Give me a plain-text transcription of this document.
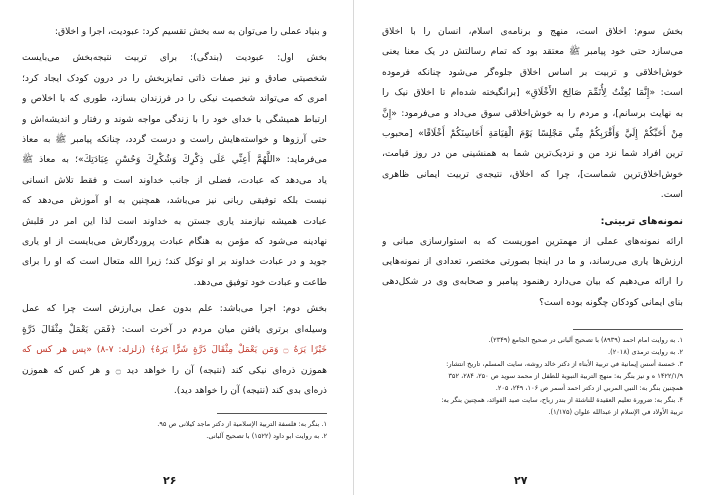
و بنیاد عملی را می‌توان به سه بخش تقسیم کرد: عبودیت، اجرا و اخلاق:
بخش اول: عبودیت (بندگی): برای تربیت نتیجه‌بخش می‌بایست
شخصیتی صادق و نیز صفات ذاتی تمایزبخش را در درون کودک ایجاد کرد؛
امری که می‌تواند شخصیت نیکی را در فرزندان بسازد، طوری که با اخلاص و
ارتباط همیشگی با خدای خود را با زندگی مواجه شوند و رفتار و اندیشه‌اش و
حتی آرزوها و خواسته‌هایش راست و درست گردد، چنانکه پیامبر ﷺ به معاذ
می‌فرماید: «اللَّهُمَّ أَعِنِّي عَلَى ذِكْرِكَ وَشُكْرِكَ وَحُسْنِ عِبَادَتِكَ»؛ به معاذ ﷺ
یاد می‌دهد که عبادت، فضلی از جانب خداوند است و فقط تلاش انسانی
نیست بلکه توفیقی ربانی نیز می‌باشد، همچنین به او آموزش می‌دهد که
عبادت همیشه نیازمند یاری جستن به خداوند است لذا این امر در قلبش
نهادینه می‌شود که مؤمن به هنگام عبادت پروردگارش می‌بایست از او یاری
جوید و در عبادت خداوند بر او توکل کند؛ زیرا الله متعال است که او را برای
طاعت و عبادت خود توفیق می‌دهد.
بخش دوم: اجرا می‌باشد: علم بدون عمل بی‌ارزش است چرا که عمل
وسیله‌ای برتری یافتن میان مردم در آخرت است: ﴿فَمَن يَعْمَلْ مِثْقَالَ ذَرَّةٍ
خَيْرًا يَرَهُ ۝ وَمَن يَعْمَلْ مِثْقَالَ ذَرَّةٍ شَرًّا يَرَهُ﴾ (زلزله: ۷-۸) «پس هر کس که
هموزن ذره‌ای نیکی کند (نتیجه) آن را خواهد دید ۝ و هر کس که هموزن
ذره‌ای بدی کند (نتیجه) آن را خواهد دید).
۱. بنگر به: فلسفة التربية الإسلامية از دکتر ماجد کیلانی ص ۹۵.
۲. به روایت ابو داود (۱۵۲۲) با تصحیح آلبانی.
۲۶
بخش سوم: اخلاق است، منهج و برنامه‌ی اسلام، انسان را با اخلاق
می‌سازد حتی خود پیامبر ﷺ معتقد بود که تمام رسالتش در یک معنا یعنی
خوش‌اخلاقی و تربیت بر اساس اخلاق جلوه‌گر می‌شود چنانکه فرموده
است: «إِنَّمَا بُعِثْتُ لِأُتَمِّمَ صَالِحَ الأَخْلَاقِ» [برانگیخته شده‌ام تا اخلاق نیک را
به نهایت برسانم]، و مردم را به خوش‌اخلاقی سوق می‌داد و می‌فرمود: «إِنَّ
مِنْ أَحَبِّكُمْ إِلَيَّ وَأَقْرَبِكُمْ مِنِّي مَجْلِسًا يَوْمَ الْقِيَامَةِ أَحَاسِنَكُمْ أَخْلَاقًا» [محبوب
ترین افراد شما نزد من و نزدیک‌ترین شما به همنشینی من در روز قیامت،
خوش‌اخلاق‌ترین شماست]، چرا که اخلاق، نتیجه‌ی تربیت ایمانی ظاهری
است.
نمونه‌های تربیتی:
ارائه نمونه‌های عملی از مهمترین اموریست که به استوارسازی مبانی و
ارزش‌ها یاری می‌رساند، و ما در اینجا بصورتی مختصر، تعدادی از نمونه‌هایی
را ارائه می‌دهیم که بیان می‌دارد رهنمود پیامبر و صحابه‌ی وی در شکل‌دهی
بنای ایمانی کودکان چگونه بوده است؟
۱. به روایت امام احمد (۸۹۳۹) با تصحیح آلبانی در صحیح الجامع (۲۳۴۹).
۲. به روایت ترمذی (۲۰۱۸).
۳. خمسة أسس إيمانية في تربية الأبناء از دکتر خالد روشه، سایت المسلم، تاریخ انتشار:
۱۴۲۲/۱/۹ ه و نیز بنگر به: منهج التربية النبوية للطفل از محمد سوید ص ۲۵۰، ۲۸۴، ۳۵۲
همچنین بنگر به: النبي المربي از دکتر احمد أسمر ص ۱۰۶، ۲۴۹، ۲۰۵.
۴. بنگر به: ضرورة تعليم العقيدة للناشئة از بندر زباح، سایت صيد الفوائد، همچنین بنگر به:
تربية الأولاد في الإسلام از عبدالله علوان (۱/۱۷۵).
۲۷
